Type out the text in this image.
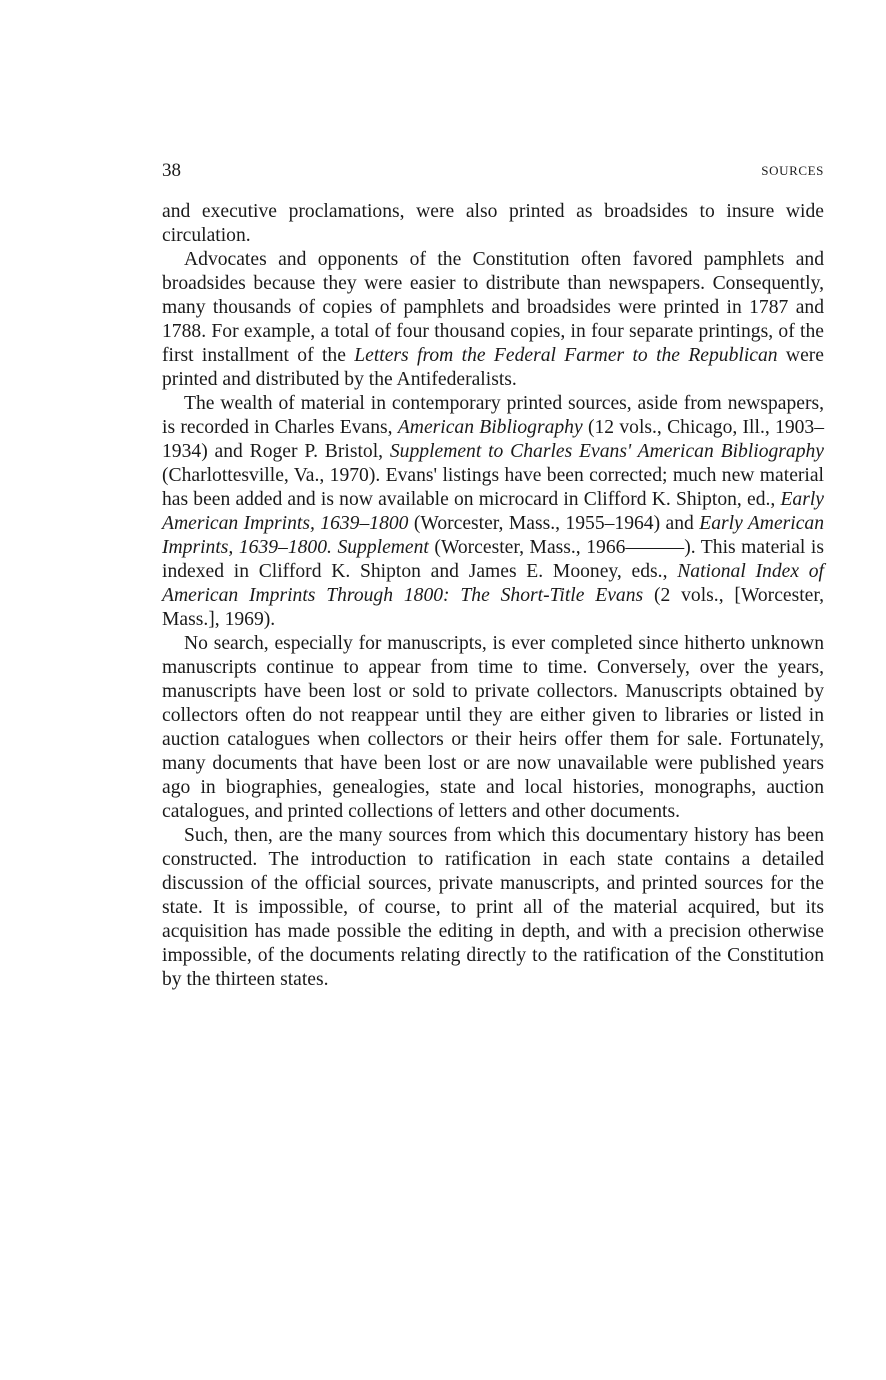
38	SOURCES

and executive proclamations, were also printed as broadsides to insure wide circulation.

Advocates and opponents of the Constitution often favored pamphlets and broadsides because they were easier to distribute than newspapers. Consequently, many thousands of copies of pamphlets and broadsides were printed in 1787 and 1788. For example, a total of four thousand copies, in four separate printings, of the first installment of the Letters from the Federal Farmer to the Republican were printed and distributed by the Antifederalists.

The wealth of material in contemporary printed sources, aside from newspapers, is recorded in Charles Evans, American Bibliography (12 vols., Chicago, Ill., 1903–1934) and Roger P. Bristol, Supplement to Charles Evans' American Bibliography (Charlottesville, Va., 1970). Evans' listings have been corrected; much new material has been added and is now available on microcard in Clifford K. Shipton, ed., Early American Imprints, 1639–1800 (Worcester, Mass., 1955–1964) and Early American Imprints, 1639–1800. Supplement (Worcester, Mass., 1966———). This material is indexed in Clifford K. Shipton and James E. Mooney, eds., National Index of American Imprints Through 1800: The Short-Title Evans (2 vols., [Worcester, Mass.], 1969).

No search, especially for manuscripts, is ever completed since hitherto unknown manuscripts continue to appear from time to time. Conversely, over the years, manuscripts have been lost or sold to private collectors. Manuscripts obtained by collectors often do not reappear until they are either given to libraries or listed in auction catalogues when collectors or their heirs offer them for sale. Fortunately, many documents that have been lost or are now unavailable were published years ago in biographies, genealogies, state and local histories, monographs, auction catalogues, and printed collections of letters and other documents.

Such, then, are the many sources from which this documentary history has been constructed. The introduction to ratification in each state contains a detailed discussion of the official sources, private manuscripts, and printed sources for the state. It is impossible, of course, to print all of the material acquired, but its acquisition has made possible the editing in depth, and with a precision otherwise impossible, of the documents relating directly to the ratification of the Constitution by the thirteen states.
